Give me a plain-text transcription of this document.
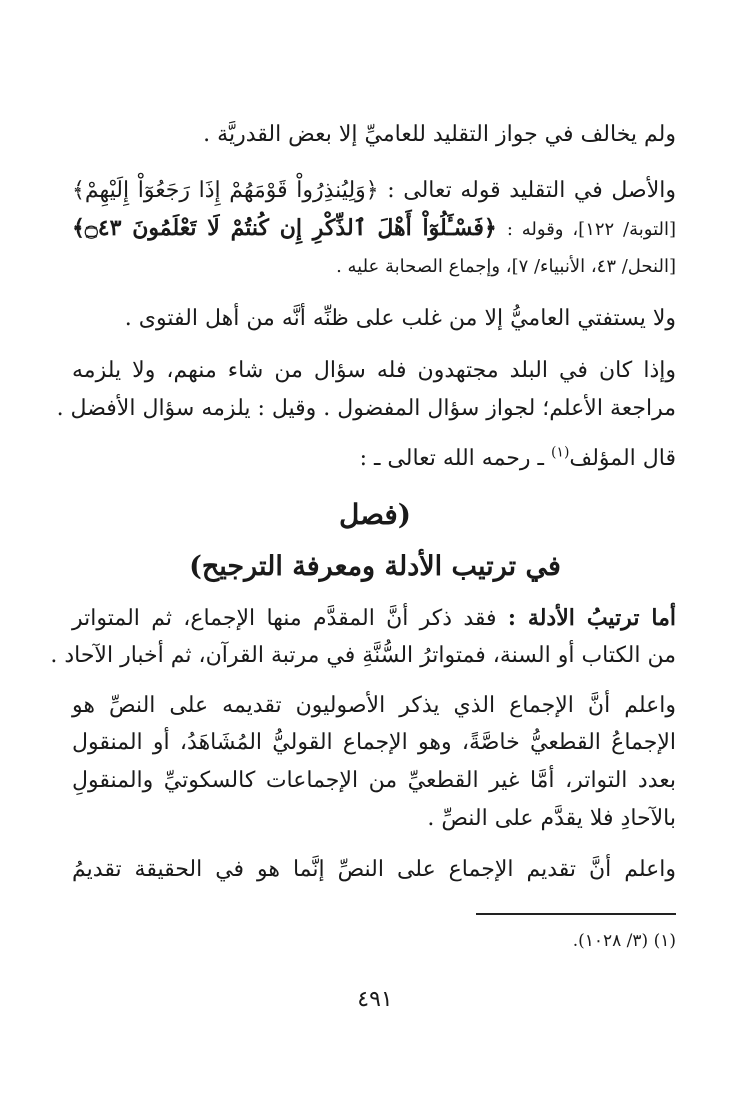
ولم يخالف في جواز التقليد للعاميِّ إلا بعض القدريَّة .
والأصل في التقليد قوله تعالى : ﴿وَلِيُنذِرُواْ قَوْمَهُمْ إِذَا رَجَعُوٓاْ إِلَيْهِمْ﴾
[التوبة/ ١٢٢]، وقوله : ﴿فَسْـَٔلُوٓاْ أَهْلَ ٱلذِّكْرِ إِن كُنتُمْ لَا تَعْلَمُونَ ۝٤٣﴾
[النحل/ ٤٣، الأنبياء/ ٧]، وإجماع الصحابة عليه .
ولا يستفتي العاميُّ إلا من غلب على ظنِّه أنَّه من أهل الفتوى .
وإذا كان في البلد مجتهدون فله سؤال من شاء منهم، ولا يلزمه
مراجعة الأعلم؛ لجواز سؤال المفضول . وقيل : يلزمه سؤال الأفضل .
قال المؤلف$^{(١)}$ ـ رحمه الله تعالى ـ :
(فصل
في ترتيب الأدلة ومعرفة الترجيح)
أما ترتيبُ الأدلة : فقد ذكر أنَّ المقدَّم منها الإجماع، ثم المتواتر
من الكتاب أو السنة، فمتواترُ السُّنَّةِ في مرتبة القرآن، ثم أخبار الآحاد .
واعلم أنَّ الإجماع الذي يذكر الأصوليون تقديمه على النصِّ هو
الإجماعُ القطعيُّ خاصَّةً، وهو الإجماع القوليُّ المُشَاهَدُ، أو المنقول
بعدد التواتر، أمَّا غير القطعيِّ من الإجماعات كالسكوتيِّ والمنقولِ
بالآحادِ فلا يقدَّم على النصِّ .
واعلم أنَّ تقديم الإجماع على النصِّ إنَّما هو في الحقيقة تقديمُ
(١) (٣/ ١٠٢٨).
٤٩١
